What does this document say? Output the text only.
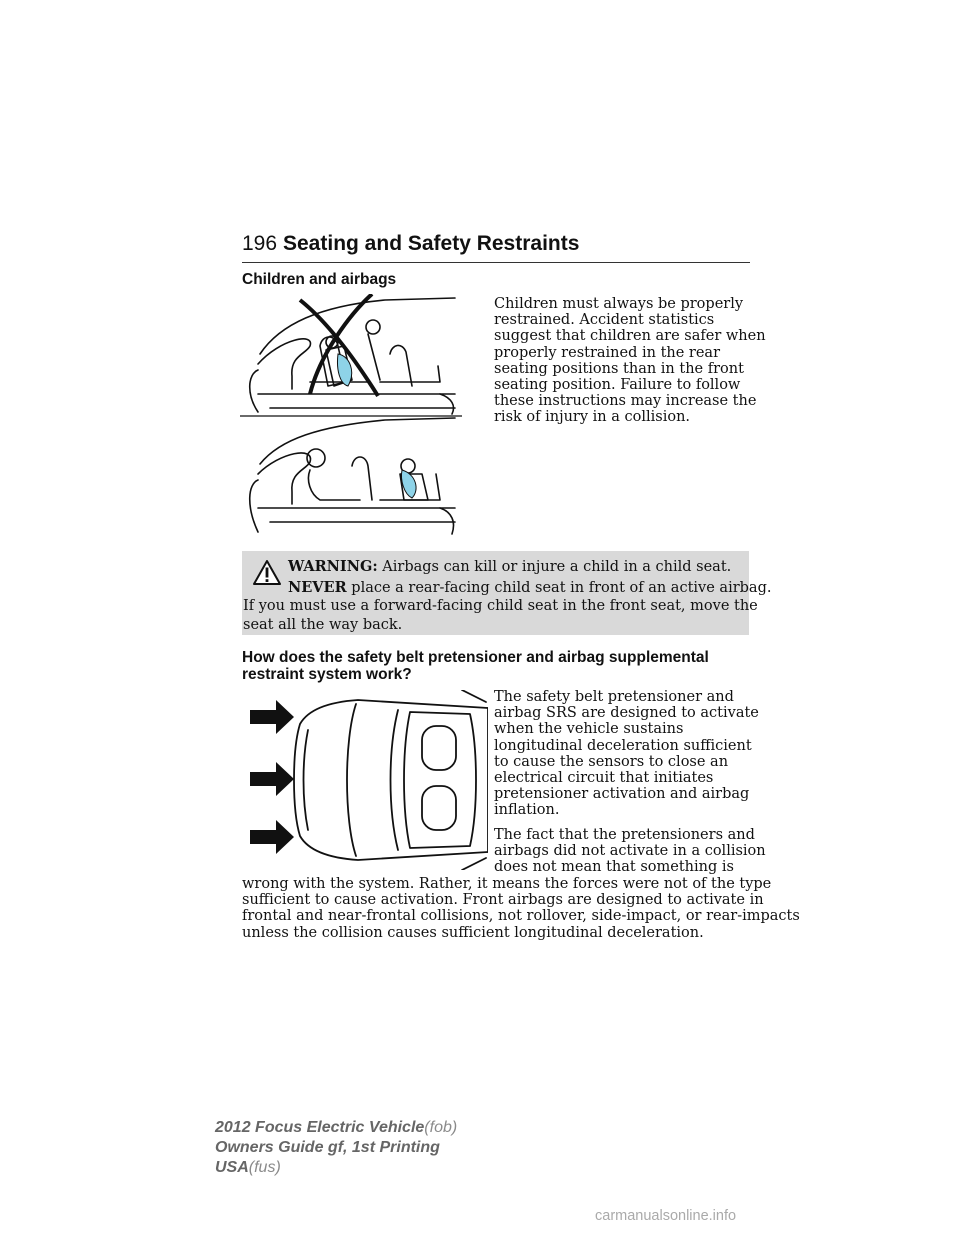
196 Seating and Safety Restraints
Children and airbags
Children must always be properly
restrained. Accident statistics
suggest that children are safer when
properly restrained in the rear
seating positions than in the front
seating position. Failure to follow
these instructions may increase the
risk of injury in a collision.
WARNING: Airbags can kill or injure a child in a child seat.
NEVER place a rear-facing child seat in front of an active airbag.
If you must use a forward-facing child seat in the front seat, move the
seat all the way back.
How does the safety belt pretensioner and airbag supplemental
restraint system work?
The safety belt pretensioner and
airbag SRS are designed to activate
when the vehicle sustains
longitudinal deceleration sufficient
to cause the sensors to close an
electrical circuit that initiates
pretensioner activation and airbag
inflation.
The fact that the pretensioners and
airbags did not activate in a collision
does not mean that something is
wrong with the system. Rather, it means the forces were not of the type
sufficient to cause activation. Front airbags are designed to activate in
frontal and near-frontal collisions, not rollover, side-impact, or rear-impacts
unless the collision causes sufficient longitudinal deceleration.
2012 Focus Electric Vehicle(fob)
Owners Guide gf, 1st Printing
USA(fus)
carmanualsonline.info
